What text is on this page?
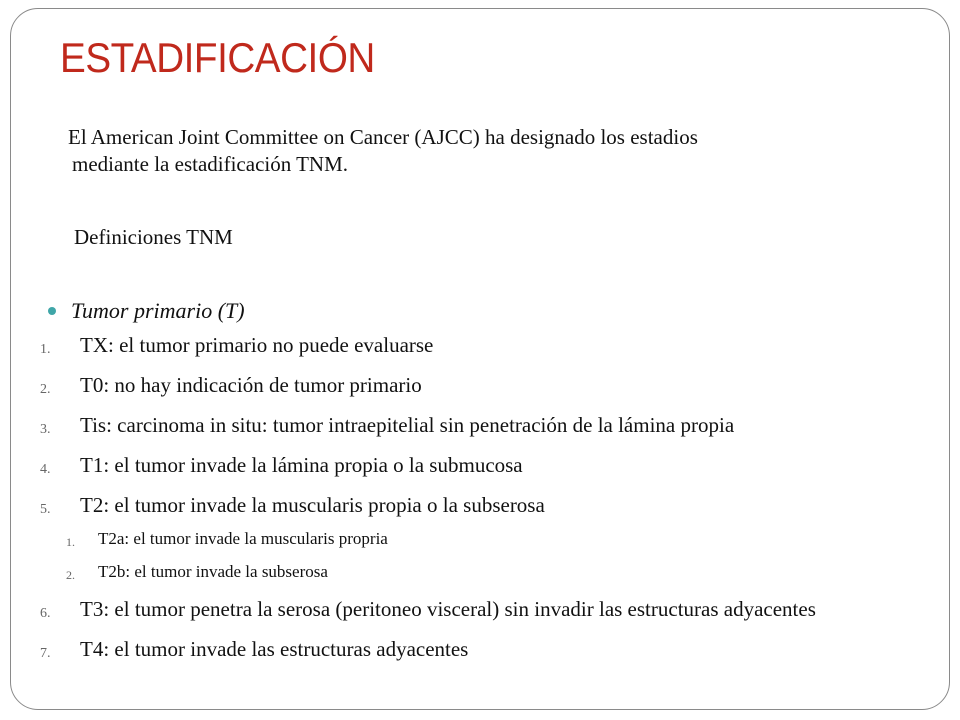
ESTADIFICACIÓN
El American Joint Committee on Cancer (AJCC) ha designado los estadios
mediante la estadificación TNM.
Definiciones TNM
Tumor primario (T)
1.	TX: el tumor primario no puede evaluarse
2.	T0: no hay indicación de tumor primario
3.	Tis: carcinoma in situ: tumor intraepitelial sin penetración de la lámina propia
4.	T1: el tumor invade la lámina propia o la submucosa
5.	T2: el tumor invade la muscularis propia o la subserosa
1.	T2a: el tumor invade la muscularis propria
2.	T2b: el tumor invade la subserosa
6.	T3: el tumor penetra la serosa (peritoneo visceral) sin invadir las estructuras adyacentes
7.	T4: el tumor invade las estructuras adyacentes
